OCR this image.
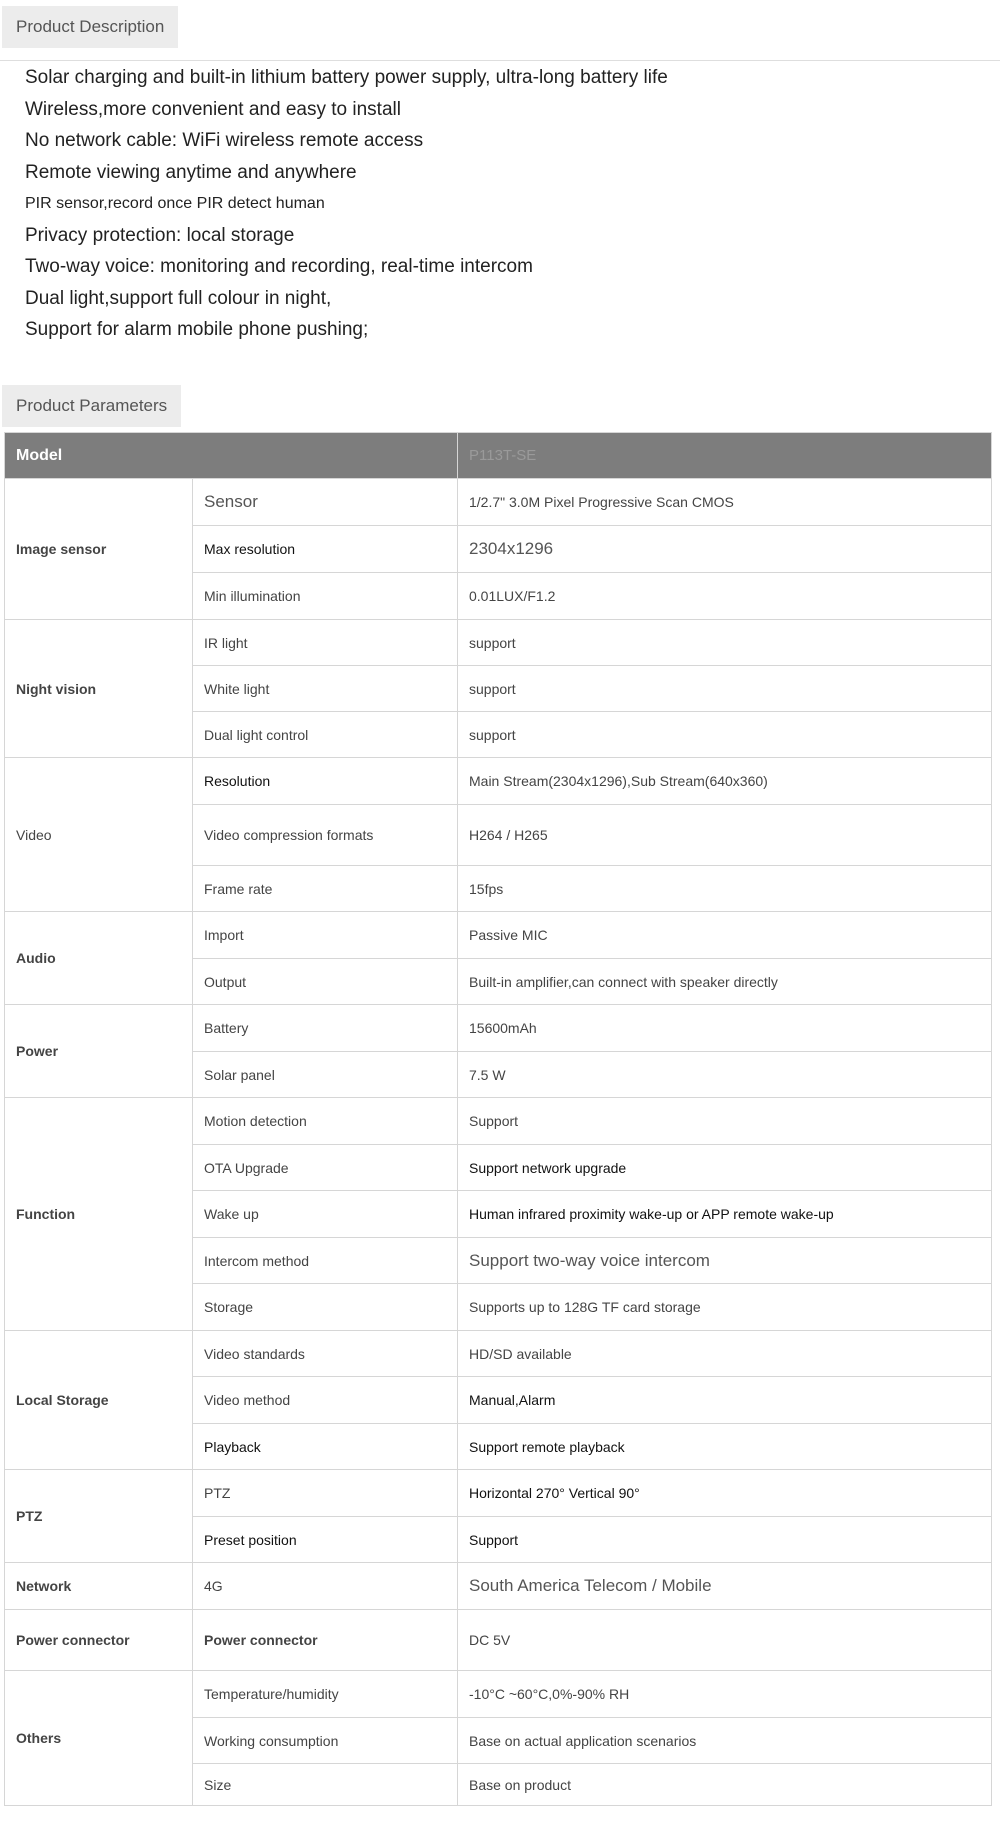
Product Description
Solar charging and built-in lithium battery power supply, ultra-long battery life
Wireless,more convenient and easy to install
No network cable: WiFi wireless remote access
Remote viewing anytime and anywhere
PIR sensor,record once PIR detect human
Privacy protection: local storage
Two-way voice: monitoring and recording, real-time intercom
Dual light,support full colour in night,
Support for alarm mobile phone pushing;
Product Parameters
Model		P113T-SE
Image sensor	Sensor	1/2.7" 3.0M Pixel Progressive Scan CMOS
	Max resolution	2304x1296
	Min illumination	0.01LUX/F1.2
Night vision	IR light	support
	White light	support
	Dual light control	support
Video	Resolution	Main Stream(2304x1296),Sub Stream(640x360)
	Video compression formats	H264 / H265
	Frame rate	15fps
Audio	Import	Passive MIC
	Output	Built-in amplifier,can connect with speaker directly
Power	Battery	15600mAh
	Solar panel	7.5 W
Function	Motion detection	Support
	OTA Upgrade	Support network upgrade
	Wake up	Human infrared proximity wake-up or APP remote wake-up
	Intercom method	Support two-way voice intercom
	Storage	Supports up to 128G TF card storage
Local Storage	Video standards	HD/SD available
	Video method	Manual,Alarm
	Playback	Support remote playback
PTZ	PTZ	Horizontal 270° Vertical 90°
	Preset position	Support
Network	4G	South America Telecom / Mobile
Power connector	Power connector	DC 5V
Others	Temperature/humidity	-10°C ~60°C,0%-90% RH
	Working consumption	Base on actual application scenarios
	Size	Base on product
